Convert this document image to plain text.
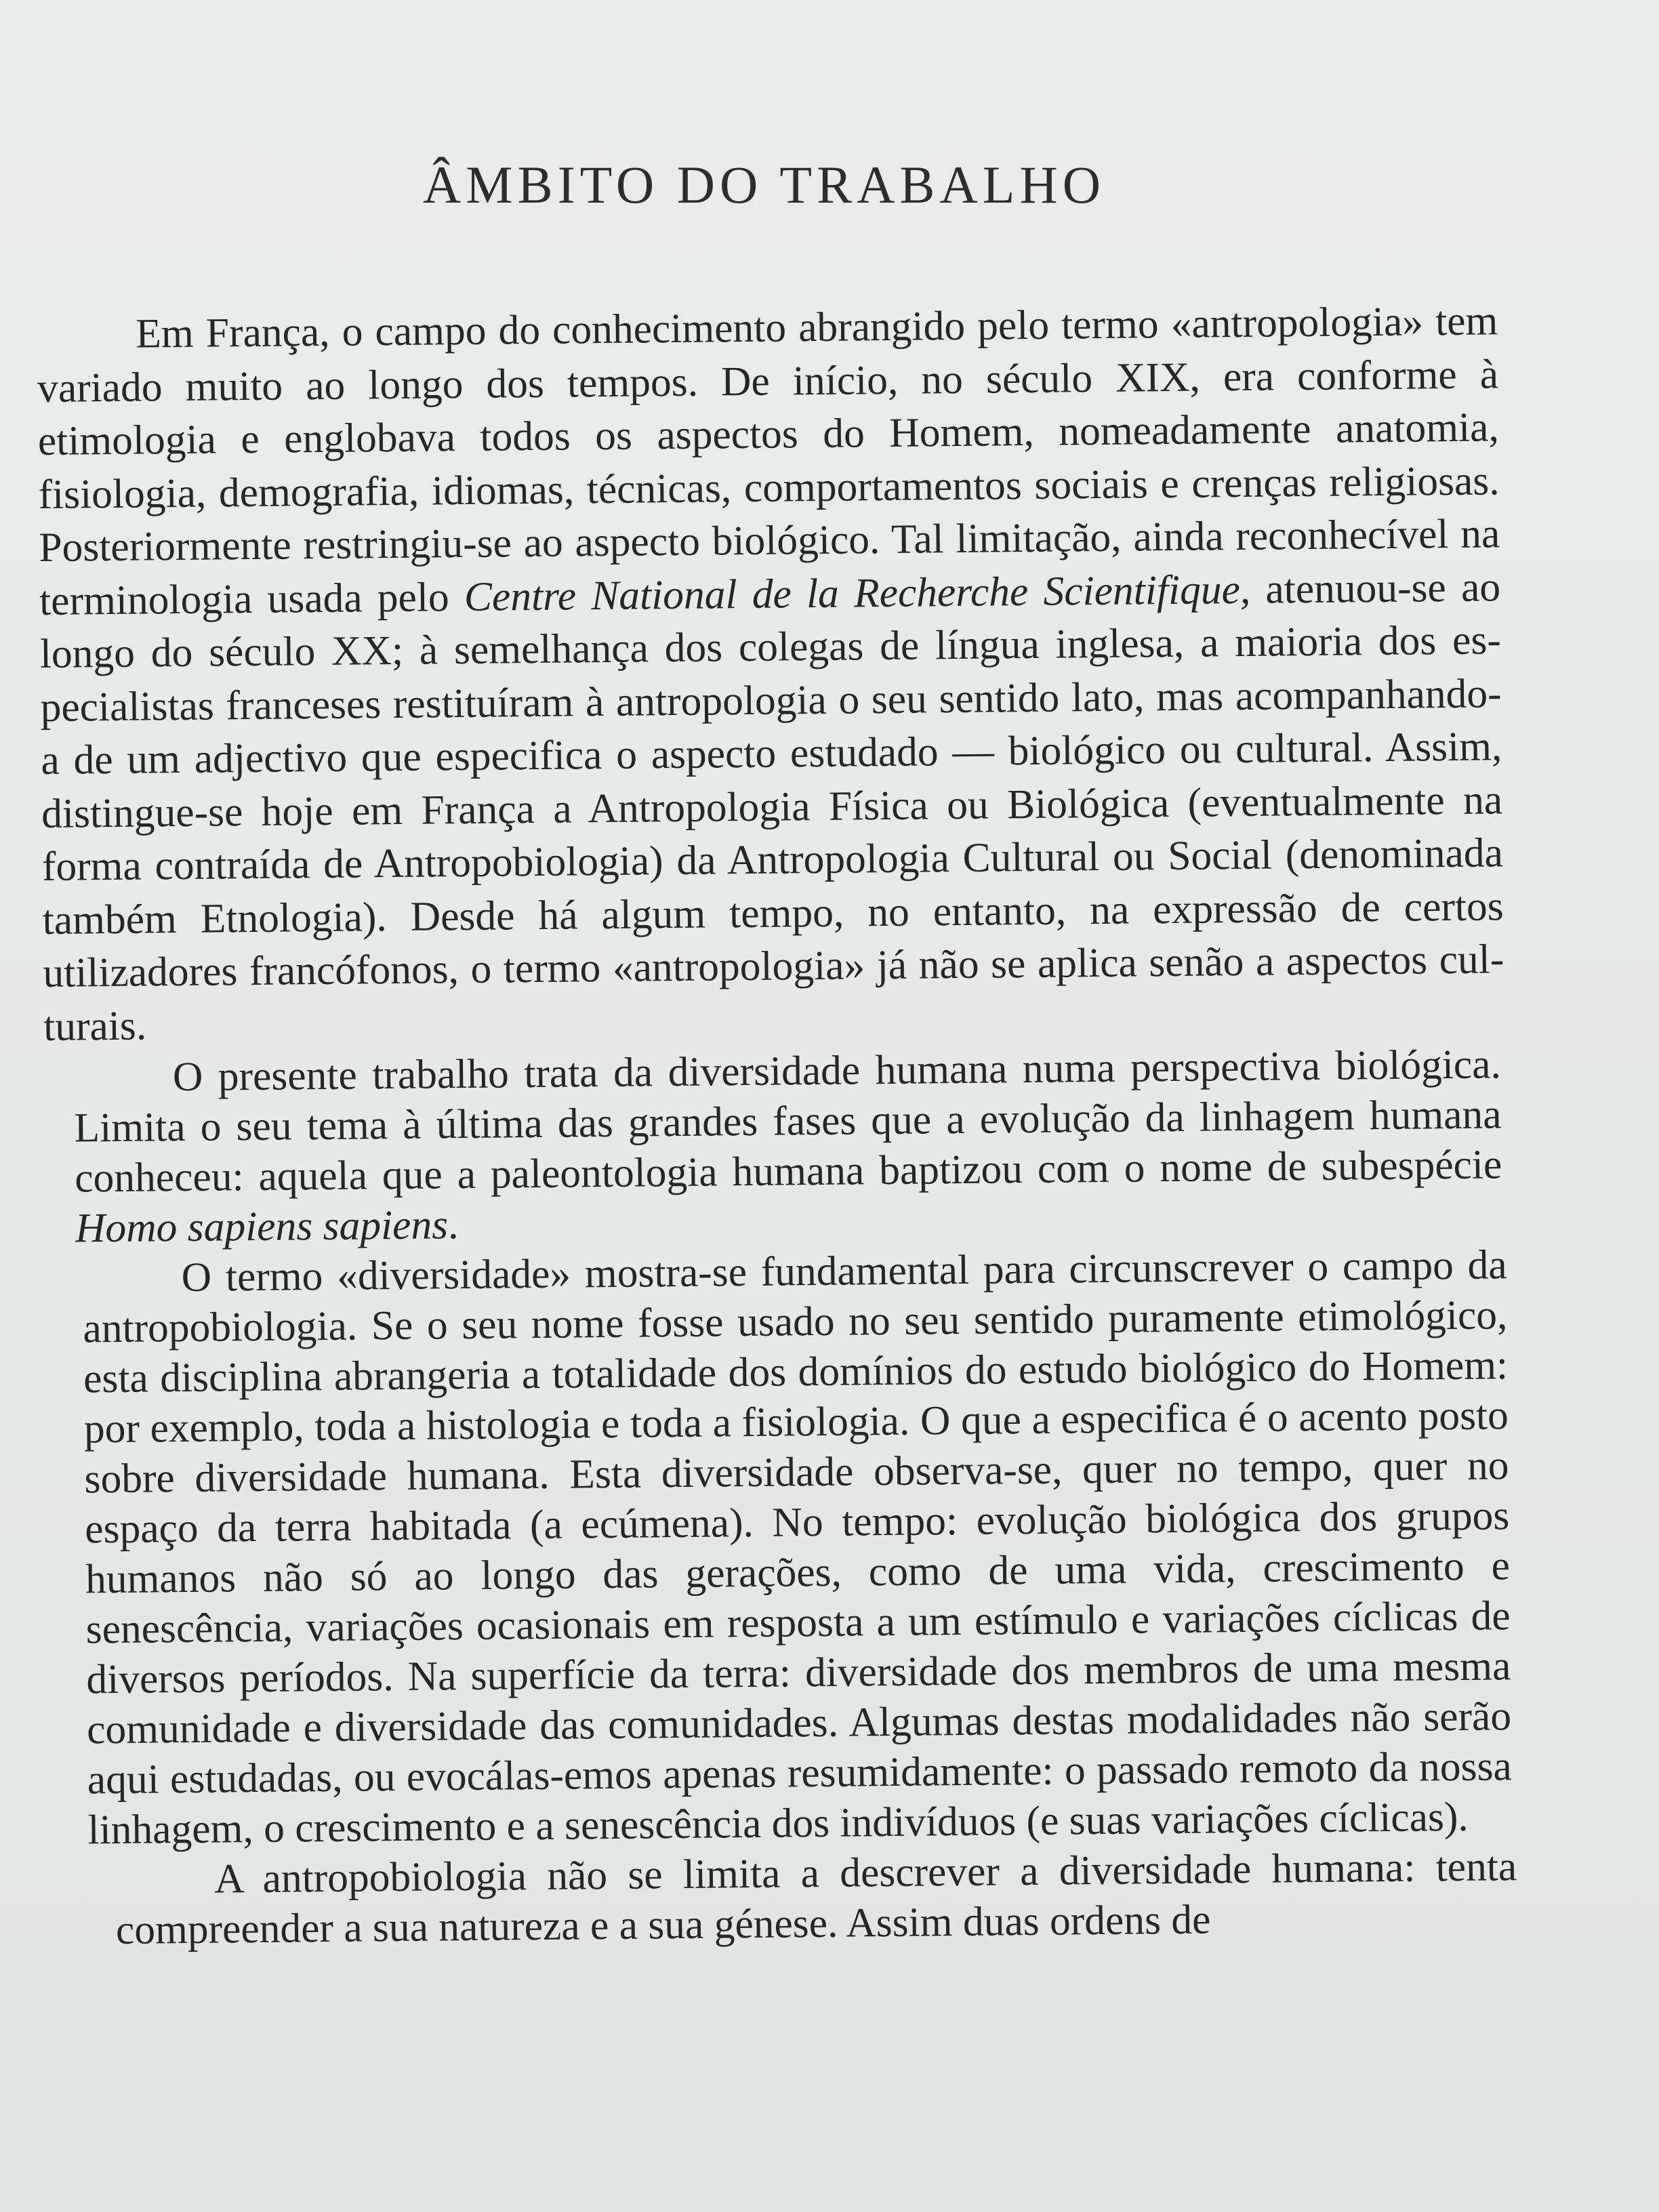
ÂMBITO DO TRABALHO

Em França, o campo do conhecimento abrangido pelo termo «antropologia» tem variado muito ao longo dos tempos. De início, no século XIX, era conforme à etimologia e englobava todos os aspectos do Homem, nomeadamente anatomia, fisiologia, demografia, idiomas, técnicas, comportamentos sociais e crenças religiosas. Posteriormente restringiu-se ao aspecto biológico. Tal limitação, ainda reconhecível na terminologia usada pelo Centre National de la Recherche Scientifique, atenuou-se ao longo do século XX; à semelhança dos colegas de língua inglesa, a maioria dos especialistas franceses restituíram à antropologia o seu sentido lato, mas acompanhando-a de um adjectivo que especifica o aspecto estudado — biológico ou cultural. Assim, distingue-se hoje em França a Antropologia Física ou Biológica (eventualmente na forma contraída de Antropobiologia) da Antropologia Cultural ou Social (denominada também Etnologia). Desde há algum tempo, no entanto, na expressão de certos utilizadores francófonos, o termo «antropologia» já não se aplica senão a aspectos culturais.

O presente trabalho trata da diversidade humana numa perspectiva biológica. Limita o seu tema à última das grandes fases que a evolução da linhagem humana conheceu: aquela que a paleontologia humana baptizou com o nome de subespécie Homo sapiens sapiens.

O termo «diversidade» mostra-se fundamental para circunscrever o campo da antropobiologia. Se o seu nome fosse usado no seu sentido puramente etimológico, esta disciplina abrangeria a totalidade dos domínios do estudo biológico do Homem: por exemplo, toda a histologia e toda a fisiologia. O que a especifica é o acento posto sobre diversidade humana. Esta diversidade observa-se, quer no tempo, quer no espaço da terra habitada (a ecúmena). No tempo: evolução biológica dos grupos humanos não só ao longo das gerações, como de uma vida, crescimento e senescência, variações ocasionais em resposta a um estímulo e variações cíclicas de diversos períodos. Na superfície da terra: diversidade dos membros de uma mesma comunidade e diversidade das comunidades. Algumas destas modalidades não serão aqui estudadas, ou evocálas-emos apenas resumidamente: o passado remoto da nossa linhagem, o crescimento e a senescência dos indivíduos (e suas variações cíclicas).

A antropobiologia não se limita a descrever a diversidade humana: tenta compreender a sua natureza e a sua génese. Assim duas ordens de
